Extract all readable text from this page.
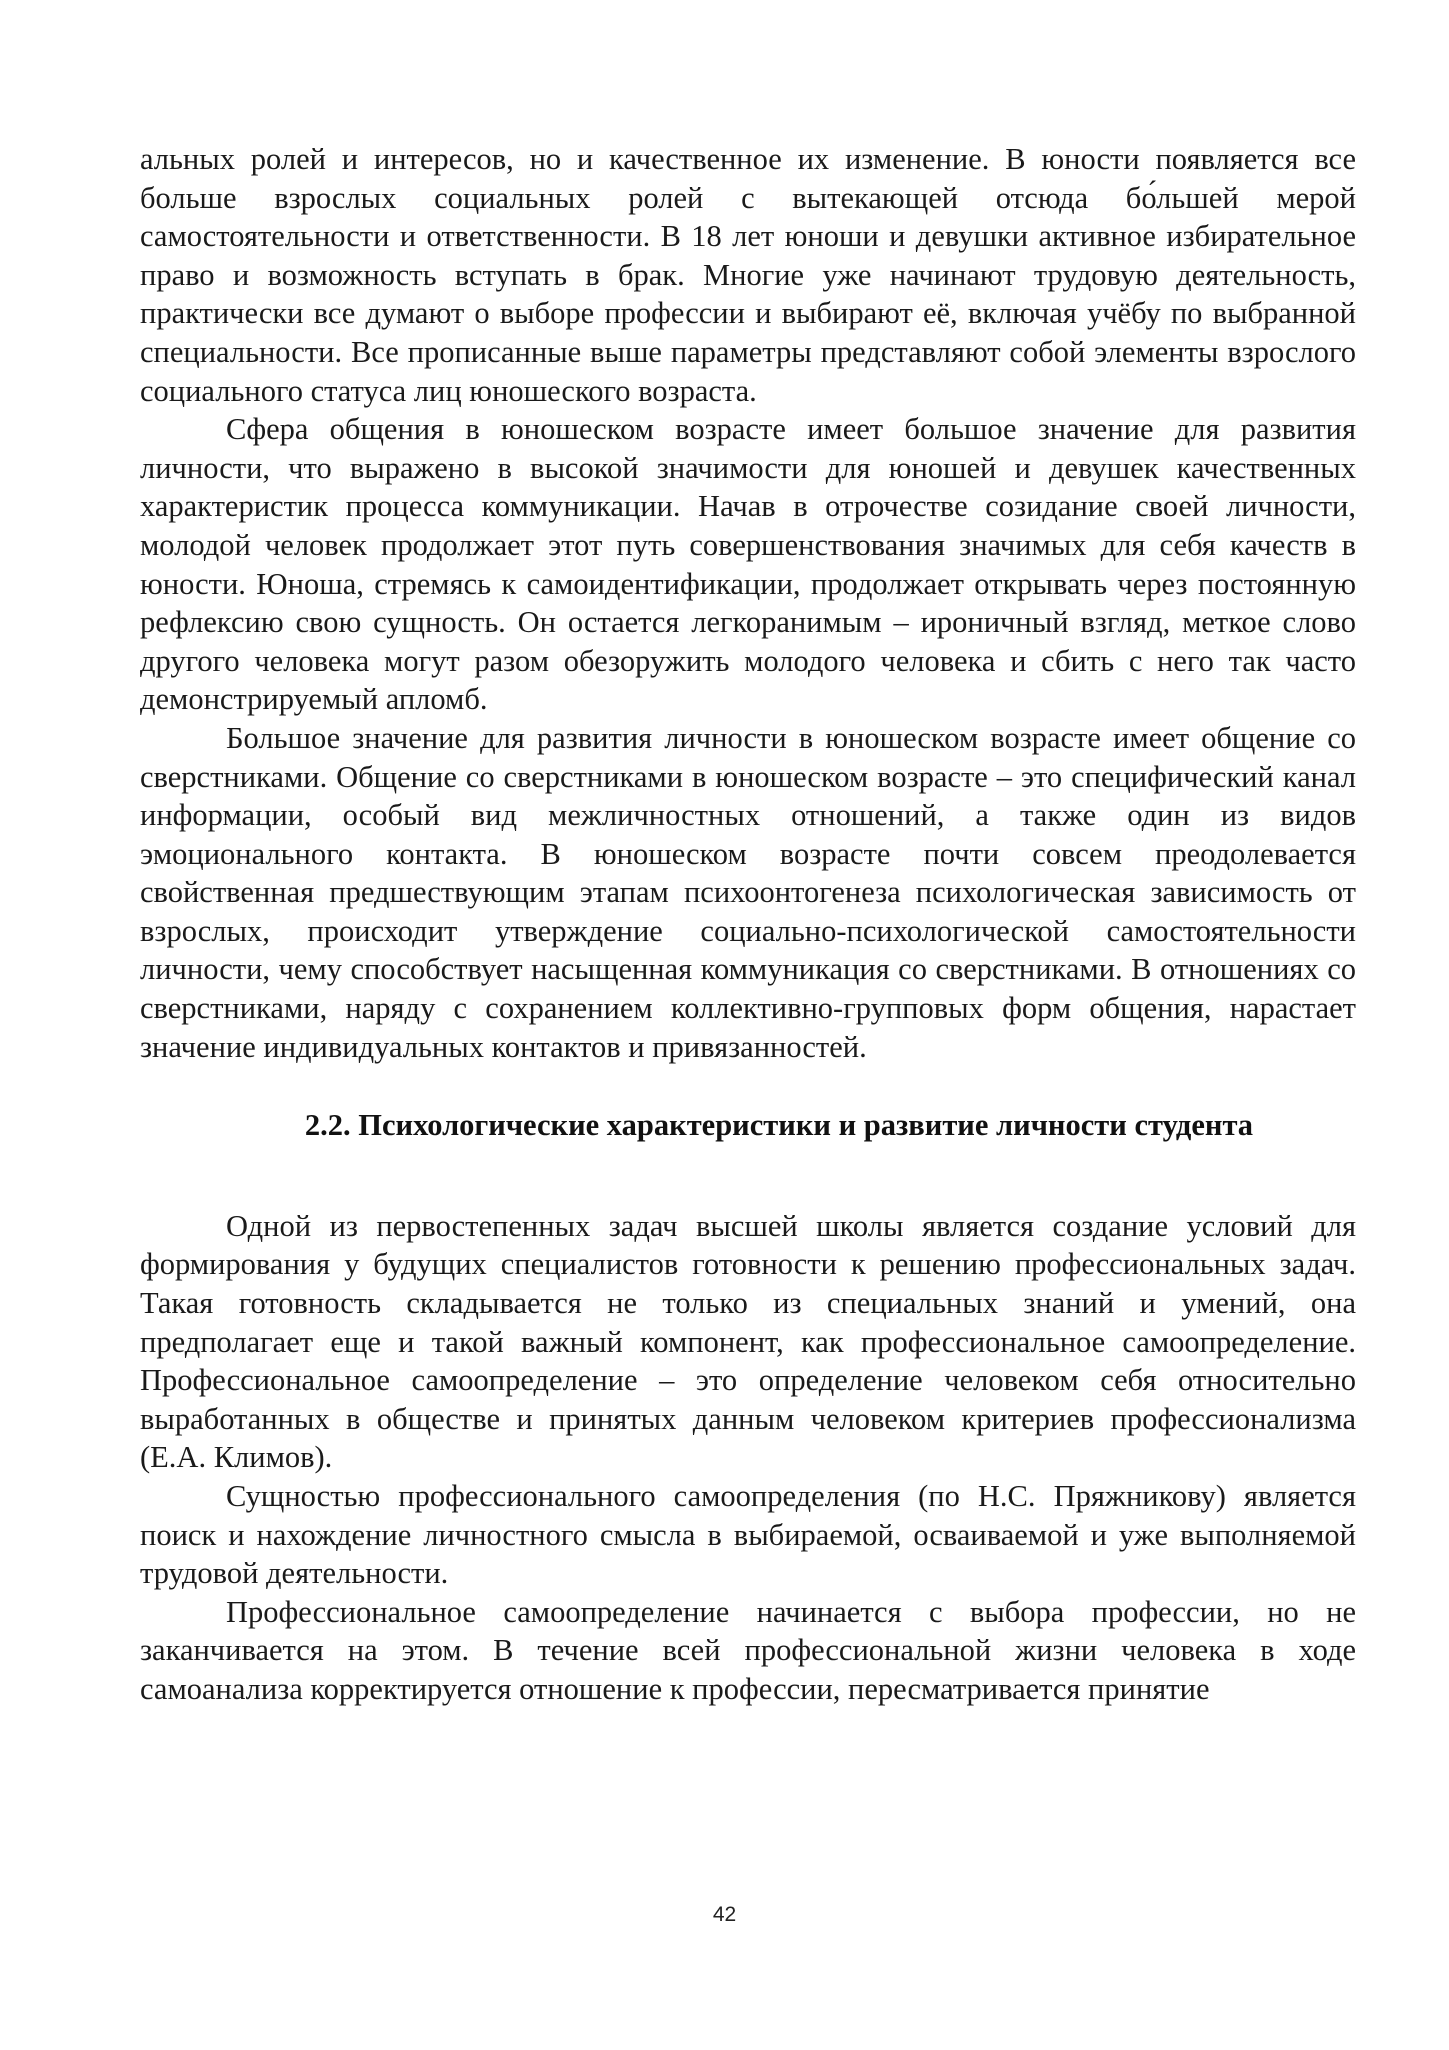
альных ролей и интересов, но и качественное их изменение. В юности появляется все больше взрослых социальных ролей с вытекающей отсюда бо́льшей мерой самостоятельности и ответственности. В 18 лет юноши и девушки активное избирательное право и возможность вступать в брак. Многие уже начинают трудовую деятельность, практически все думают о выборе профессии и выбирают её, включая учёбу по выбранной специальности. Все прописанные выше параметры представляют собой элементы взрослого социального статуса лиц юношеского возраста.

Сфера общения в юношеском возрасте имеет большое значение для развития личности, что выражено в высокой значимости для юношей и девушек качественных характеристик процесса коммуникации. Начав в отрочестве созидание своей личности, молодой человек продолжает этот путь совершенствования значимых для себя качеств в юности. Юноша, стремясь к самоидентификации, продолжает открывать через постоянную рефлексию свою сущность. Он остается легкоранимым – ироничный взгляд, меткое слово другого человека могут разом обезоружить молодого человека и сбить с него так часто демонстрируемый апломб.

Большое значение для развития личности в юношеском возрасте имеет общение со сверстниками. Общение со сверстниками в юношеском возрасте – это специфический канал информации, особый вид межличностных отношений, а также один из видов эмоционального контакта. В юношеском возрасте почти совсем преодолевается свойственная предшествующим этапам психоонтогенеза психологическая зависимость от взрослых, происходит утверждение социально-психологической самостоятельности личности, чему способствует насыщенная коммуникация со сверстниками. В отношениях со сверстниками, наряду с сохранением коллективно-групповых форм общения, нарастает значение индивидуальных контактов и привязанностей.

2.2. Психологические характеристики и развитие личности студента

Одной из первостепенных задач высшей школы является создание условий для формирования у будущих специалистов готовности к решению профессиональных задач. Такая готовность складывается не только из специальных знаний и умений, она предполагает еще и такой важный компонент, как профессиональное самоопределение. Профессиональное самоопределение – это определение человеком себя относительно выработанных в обществе и принятых данным человеком критериев профессионализма (Е.А. Климов).

Сущностью профессионального самоопределения (по Н.С. Пряжникову) является поиск и нахождение личностного смысла в выбираемой, осваиваемой и уже выполняемой трудовой деятельности.

Профессиональное самоопределение начинается с выбора профессии, но не заканчивается на этом. В течение всей профессиональной жизни человека в ходе самоанализа корректируется отношение к профессии, пересматривается принятие

42
